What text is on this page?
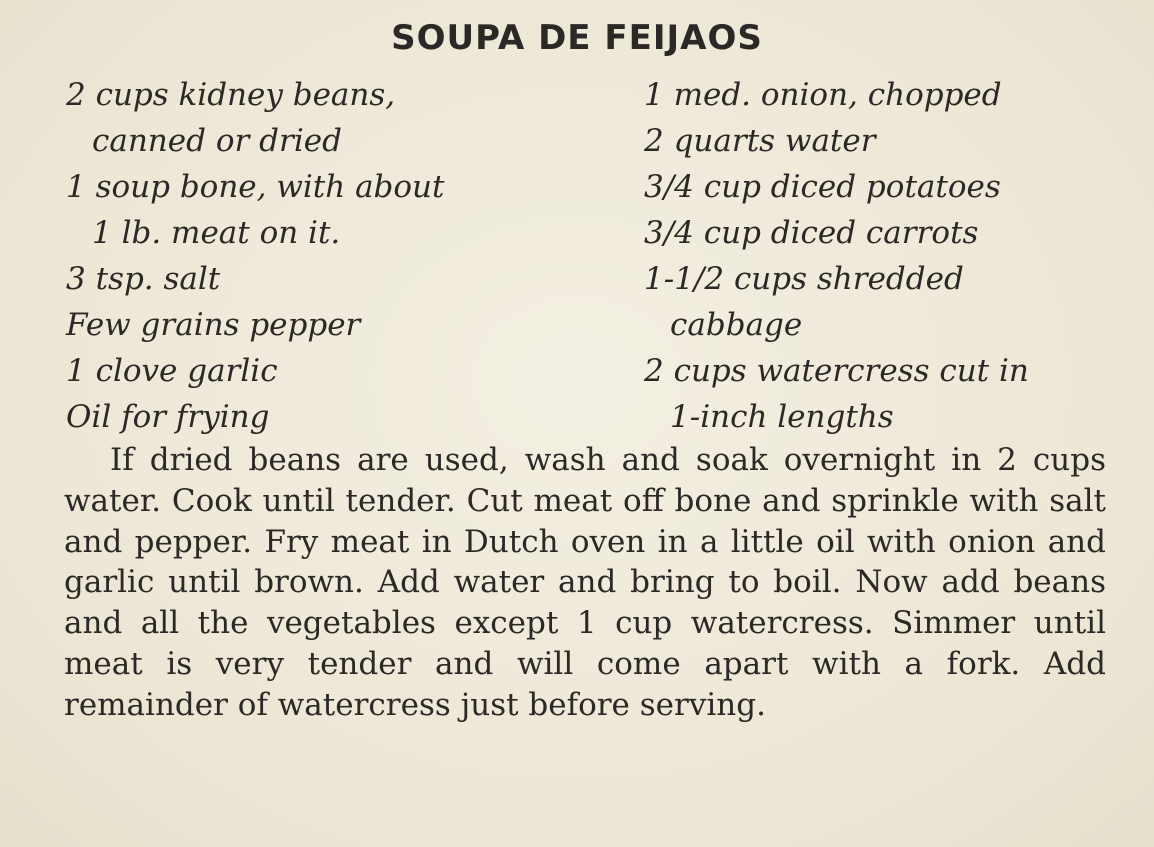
SOUPA DE FEIJAOS
2 cups kidney beans,
canned or dried
1 soup bone, with about
1 lb. meat on it.
3 tsp. salt
Few grains pepper
1 clove garlic
Oil for frying
1 med. onion, chopped
2 quarts water
3/4 cup diced potatoes
3/4 cup diced carrots
1-1/2 cups shredded
cabbage
2 cups watercress cut in
1-inch lengths

If dried beans are used, wash and soak overnight in 2 cups water. Cook until tender. Cut meat off bone and sprinkle with salt and pepper. Fry meat in Dutch oven in a little oil with onion and garlic until brown. Add water and bring to boil. Now add beans and all the vegetables except 1 cup watercress. Simmer until meat is very tender and will come apart with a fork. Add remainder of watercress just before serving.
